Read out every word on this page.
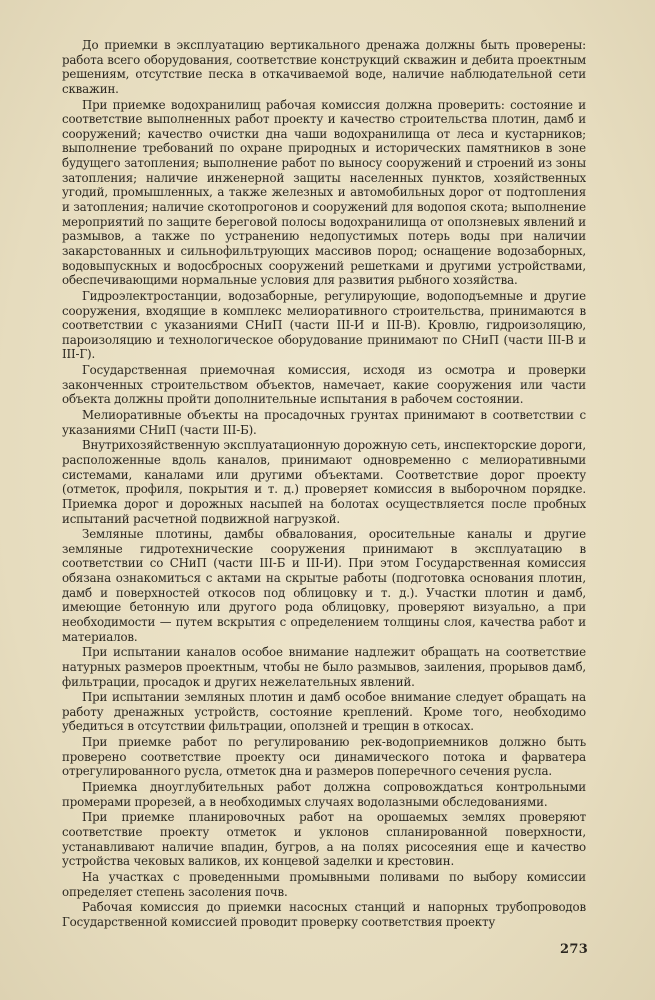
До приемки в эксплуатацию вертикального дренажа должны быть проверены: работа всего оборудования, соответствие конструкций скважин и дебита проектным решениям, отсутствие песка в откачиваемой воде, наличие наблюдательной сети скважин.

При приемке водохранилищ рабочая комиссия должна проверить: состояние и соответствие выполненных работ проекту и качество строительства плотин, дамб и сооружений; качество очистки дна чаши водохранилища от леса и кустарников; выполнение требований по охране природных и исторических памятников в зоне будущего затопления; выполнение работ по выносу сооружений и строений из зоны затопления; наличие инженерной защиты населенных пунктов, хозяйственных угодий, промышленных, а также железных и автомобильных дорог от подтопления и затопления; наличие скотопрогонов и сооружений для водопоя скота; выполнение мероприятий по защите береговой полосы водохранилища от оползневых явлений и размывов, а также по устранению недопустимых потерь воды при наличии закарстованных и сильнофильтрующих массивов пород; оснащение водозаборных, водовыпускных и водосбросных сооружений решетками и другими устройствами, обеспечивающими нормальные условия для развития рыбного хозяйства.

Гидроэлектростанции, водозаборные, регулирующие, водоподъемные и другие сооружения, входящие в комплекс мелиоративного строительства, принимаются в соответствии с указаниями СНиП (части III-И и III-В). Кровлю, гидроизоляцию, пароизоляцию и технологическое оборудование принимают по СНиП (части III-В и III-Г).

Государственная приемочная комиссия, исходя из осмотра и проверки законченных строительством объектов, намечает, какие сооружения или части объекта должны пройти дополнительные испытания в рабочем состоянии.

Мелиоративные объекты на просадочных грунтах принимают в соответствии с указаниями СНиП (части III-Б).

Внутрихозяйственную эксплуатационную дорожную сеть, инспекторские дороги, расположенные вдоль каналов, принимают одновременно с мелиоративными системами, каналами или другими объектами. Соответствие дорог проекту (отметок, профиля, покрытия и т. д.) проверяет комиссия в выборочном порядке. Приемка дорог и дорожных насыпей на болотах осуществляется после пробных испытаний расчетной подвижной нагрузкой.

Земляные плотины, дамбы обвалования, оросительные каналы и другие земляные гидротехнические сооружения принимают в эксплуатацию в соответствии со СНиП (части III-Б и III-И). При этом Государственная комиссия обязана ознакомиться с актами на скрытые работы (подготовка основания плотин, дамб и поверхностей откосов под облицовку и т. д.). Участки плотин и дамб, имеющие бетонную или другого рода облицовку, проверяют визуально, а при необходимости — путем вскрытия с определением толщины слоя, качества работ и материалов.

При испытании каналов особое внимание надлежит обращать на соответствие натурных размеров проектным, чтобы не было размывов, заиления, прорывов дамб, фильтрации, просадок и других нежелательных явлений.

При испытании земляных плотин и дамб особое внимание следует обращать на работу дренажных устройств, состояние креплений. Кроме того, необходимо убедиться в отсутствии фильтрации, оползней и трещин в откосах.

При приемке работ по регулированию рек-водоприемников должно быть проверено соответствие проекту оси динамического потока и фарватера отрегулированного русла, отметок дна и размеров поперечного сечения русла.

Приемка дноуглубительных работ должна сопровождаться контрольными промерами прорезей, а в необходимых случаях водолазными обследованиями.

При приемке планировочных работ на орошаемых землях проверяют соответствие проекту отметок и уклонов спланированной поверхности, устанавливают наличие впадин, бугров, а на полях рисосеяния еще и качество устройства чековых валиков, их концевой заделки и крестовин.

На участках с проведенными промывными поливами по выбору комиссии определяет степень засоления почв.

Рабочая комиссия до приемки насосных станций и напорных трубопроводов Государственной комиссией проводит проверку соответствия проекту

273
